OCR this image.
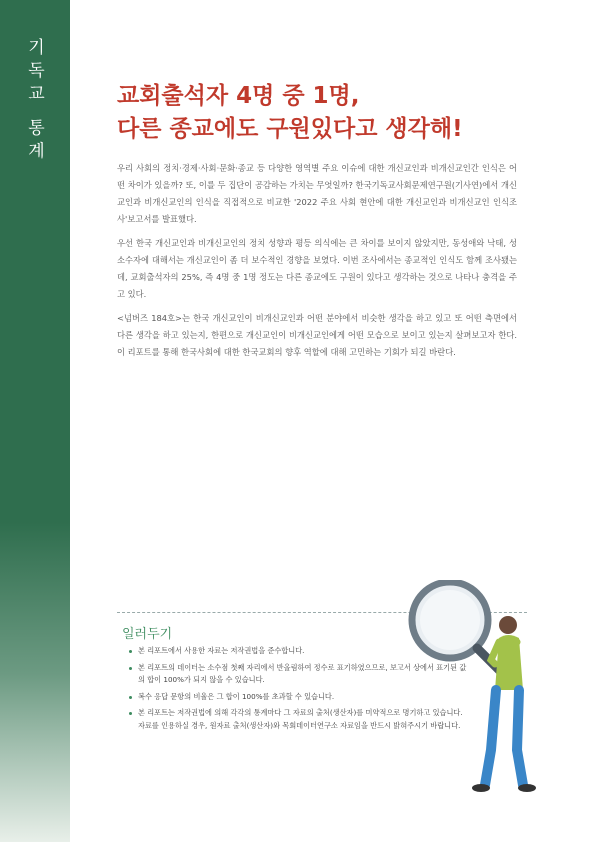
기독교 통계	교회출석자 4명 중 1명,
다른 종교에도 구원있다고 생각해!

우리 사회의 정치·경제·사회·문화·종교 등 다양한 영역별 주요 이슈에 대한 개신교인과 비개신교인간 인식은 어떤 차이가 있을까? 또, 이를 두 집단이 공감하는 가치는 무엇일까? 한국기독교사회문제연구원(기사연)에서 개신교인과 비개신교인의 인식을 직접적으로 비교한 '2022 주요 사회 현안에 대한 개신교인과 비개신교인 인식조사'보고서를 발표했다.

우선 한국 개신교인과 비개신교인의 정치 성향과 평등 의식에는 큰 차이를 보이지 않았지만, 동성애와 낙태, 성소수자에 대해서는 개신교인이 좀 더 보수적인 경향을 보였다. 이번 조사에서는 종교적인 인식도 함께 조사됐는데, 교회출석자의 25%, 즉 4명 중 1명 정도는 다른 종교에도 구원이 있다고 생각하는 것으로 나타나 충격을 주고 있다.

<넘버즈 184호>는 한국 개신교인이 비개신교인과 어떤 분야에서 비슷한 생각을 하고 있고 또 어떤 측면에서 다른 생각을 하고 있는지, 한편으로 개신교인이 비개신교인에게 어떤 모습으로 보이고 있는지 살펴보고자 한다. 이 리포트를 통해 한국사회에 대한 한국교회의 향후 역할에 대해 고민하는 기회가 되길 바란다.

일러두기
본 리포트에서 사용한 자료는 저작권법을 준수합니다.
본 리포트의 데이터는 소수점 첫째 자리에서 반올림하여 정수로 표기하였으므로, 보고서 상에서 표기된 값의 합이 100%가 되지 않을 수 있습니다.
복수 응답 문항의 비율은 그 합이 100%를 초과할 수 있습니다.
본 리포트는 저작권법에 의해 각각의 통계마다 그 자료의 출처(생산자)를 미약적으로 명기하고 있습니다. 자료를 인용하실 경우, 원자료 출처(생산자)와 목회데이터연구소 자료임을 반드시 밝혀주시기 바랍니다.
